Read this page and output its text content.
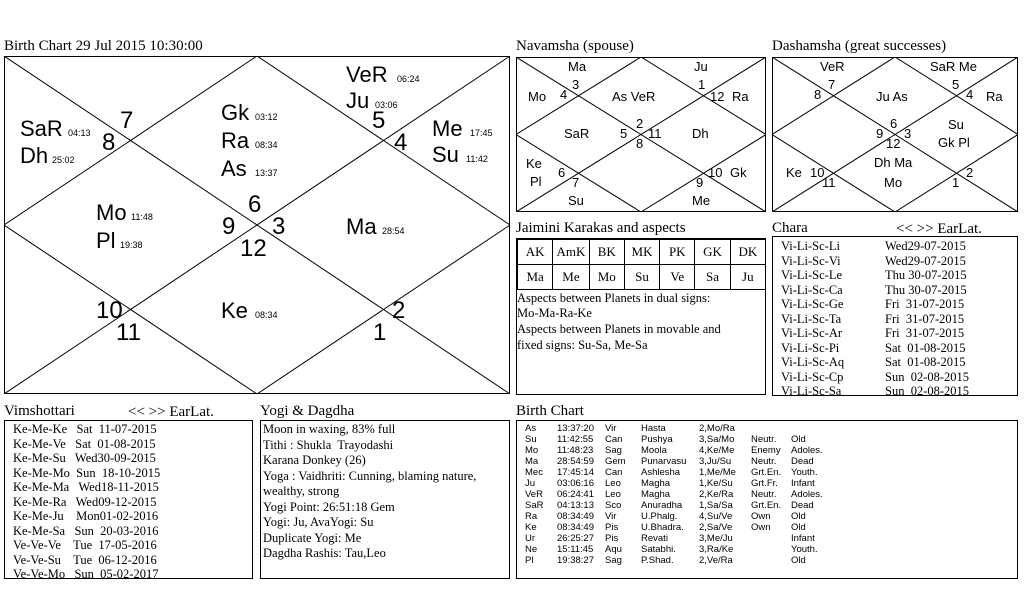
Birth Chart 29 Jul 2015 10:30:00
SaR 04:13
Dh 25:02
7
8
VeR 06:24
Ju 03:06
5
4
Me 17:45
Su 11:42
Gk 03:12
Ra 08:34
As 13:37
6
9 3
12
Mo 11:48
Pl 19:38
Ma 28:54
Ke 08:34
10
11
2
1
Navamsha (spouse)
Ma	Ju
Mo 4
3
As VeR
1
12 Ra
SaR 5
2
11
8
Dh
Ke
Pl
6
7	9
10 Gk
Su	Me
Dashamsha (great successes)
VeR	SaR Me
8
7
Ju As
5
4 Ra
9
6
3
12
Su
Gk Pl
Dh Ma
Mo
Ke 10
11	1
2
Jaimini Karakas and aspects
AK	AmK	BK	MK	PK	GK	DK
Ma	Me	Mo	Su	Ve	Sa	Ju
Aspects between Planets in dual signs:
Mo-Ma-Ra-Ke
Aspects between Planets in movable and
fixed signs: Su-Sa, Me-Sa
Chara	<< >> EarLat.
Vi-Li-Sc-Li	Wed29-07-2015
Vi-Li-Sc-Vi	Wed29-07-2015
Vi-Li-Sc-Le	Thu 30-07-2015
Vi-Li-Sc-Ca	Thu 30-07-2015
Vi-Li-Sc-Ge	Fri  31-07-2015
Vi-Li-Sc-Ta	Fri  31-07-2015
Vi-Li-Sc-Ar	Fri  31-07-2015
Vi-Li-Sc-Pi	Sat  01-08-2015
Vi-Li-Sc-Aq	Sat  01-08-2015
Vi-Li-Sc-Cp	Sun  02-08-2015
Vi-Li-Sc-Sa	Sun  02-08-2015
Vimshottari	<< >> EarLat.
Ke-Me-Ke   Sat  11-07-2015
Ke-Me-Ve   Sat  01-08-2015
Ke-Me-Su   Wed30-09-2015
Ke-Me-Mo  Sun  18-10-2015
Ke-Me-Ma   Wed18-11-2015
Ke-Me-Ra   Wed09-12-2015
Ke-Me-Ju    Mon01-02-2016
Ke-Me-Sa   Sun  20-03-2016
Ve-Ve-Ve    Tue  17-05-2016
Ve-Ve-Su    Tue  06-12-2016
Ve-Ve-Mo   Sun  05-02-2017
Yogi & Dagdha
Moon in waxing, 83% full
Tithi : Shukla  Trayodashi
Karana Donkey (26)
Yoga : Vaidhriti: Cunning, blaming nature,
wealthy, strong
Yogi Point: 26:51:18 Gem
Yogi: Ju, AvaYogi: Su
Duplicate Yogi: Me
Dagdha Rashis: Tau,Leo
Birth Chart
As 13:37:20 Vir	Hasta	2,Mo/Ra
Su 11:42:55 Can Pushya	3,Sa/Mo Neutr. Old
Mo 11:48:23 Sag Moola	4,Ke/Me Enemy Adoles.
Ma 28:54:59 Gem Punarvasu 3,Ju/Su Neutr. Dead
Mec 17:45:14 Can Ashlesha 1,Me/Me Grt.En. Youth.
Ju 03:06:16 Leo Magha	1,Ke/Su Grt.Fr. Infant
VeR 06:24:41 Leo Magha	2,Ke/Ra Neutr. Adoles.
SaR 04:13:13 Sco Anuradha 1,Sa/Sa Grt.En. Dead
Ra 08:34:49 Vir	U.Phalg. 4,Su/Ve Own Old
Ke 08:34:49 Pis U.Bhadra. 2,Sa/Ve Own Old
Ur 26:25:27 Pis Revati	3,Me/Ju	Infant
Ne 15:11:45 Aqu Satabhi. 3,Ra/Ke	Youth.
Pl 19:38:27 Sag P.Shad.	2,Ve/Ra	Old
